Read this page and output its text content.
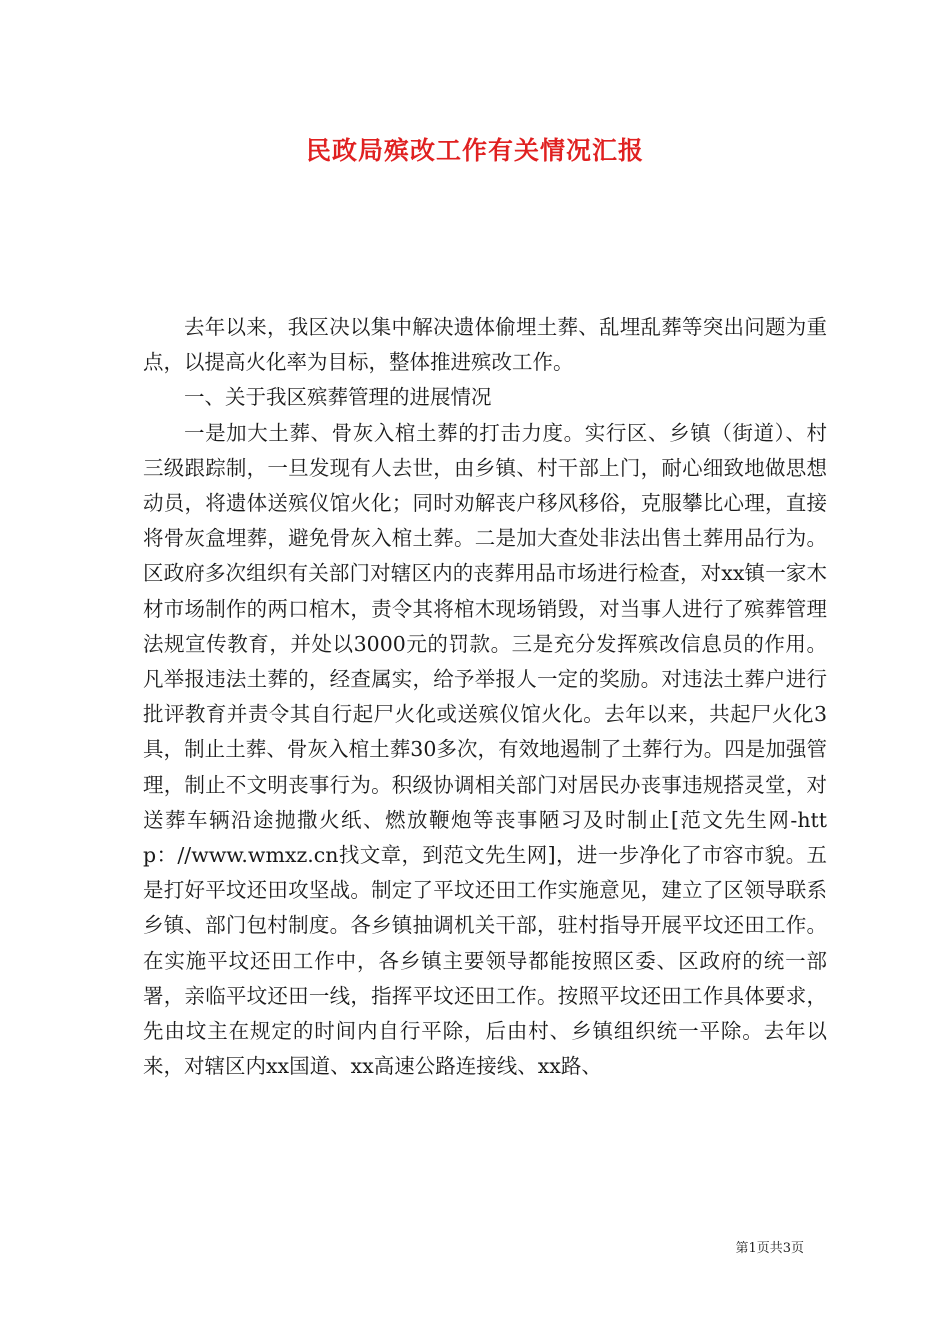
民政局殡改工作有关情况汇报

去年以来，我区决以集中解决遗体偷埋土葬、乱埋乱葬等突出问题为重点，以提高火化率为目标，整体推进殡改工作。

一、关于我区殡葬管理的进展情况

一是加大土葬、骨灰入棺土葬的打击力度。实行区、乡镇（街道）、村三级跟踪制，一旦发现有人去世，由乡镇、村干部上门，耐心细致地做思想动员，将遗体送殡仪馆火化；同时劝解丧户移风移俗，克服攀比心理，直接将骨灰盒埋葬，避免骨灰入棺土葬。二是加大查处非法出售土葬用品行为。区政府多次组织有关部门对辖区内的丧葬用品市场进行检查，对xx镇一家木材市场制作的两口棺木，责令其将棺木现场销毁，对当事人进行了殡葬管理法规宣传教育，并处以3000元的罚款。三是充分发挥殡改信息员的作用。凡举报违法土葬的，经查属实，给予举报人一定的奖励。对违法土葬户进行批评教育并责令其自行起尸火化或送殡仪馆火化。去年以来，共起尸火化3具，制止土葬、骨灰入棺土葬30多次，有效地遏制了土葬行为。四是加强管理，制止不文明丧事行为。积级协调相关部门对居民办丧事违规搭灵堂，对送葬车辆沿途抛撒火纸、燃放鞭炮等丧事陋习及时制止[范文先生网-http：//www.wmxz.cn找文章，到范文先生网]，进一步净化了市容市貌。五是打好平坟还田攻坚战。制定了平坟还田工作实施意见，建立了区领导联系乡镇、部门包村制度。各乡镇抽调机关干部，驻村指导开展平坟还田工作。在实施平坟还田工作中，各乡镇主要领导都能按照区委、区政府的统一部署，亲临平坟还田一线，指挥平坟还田工作。按照平坟还田工作具体要求，先由坟主在规定的时间内自行平除，后由村、乡镇组织统一平除。去年以来，对辖区内xx国道、xx高速公路连接线、xx路、

第1页共3页
